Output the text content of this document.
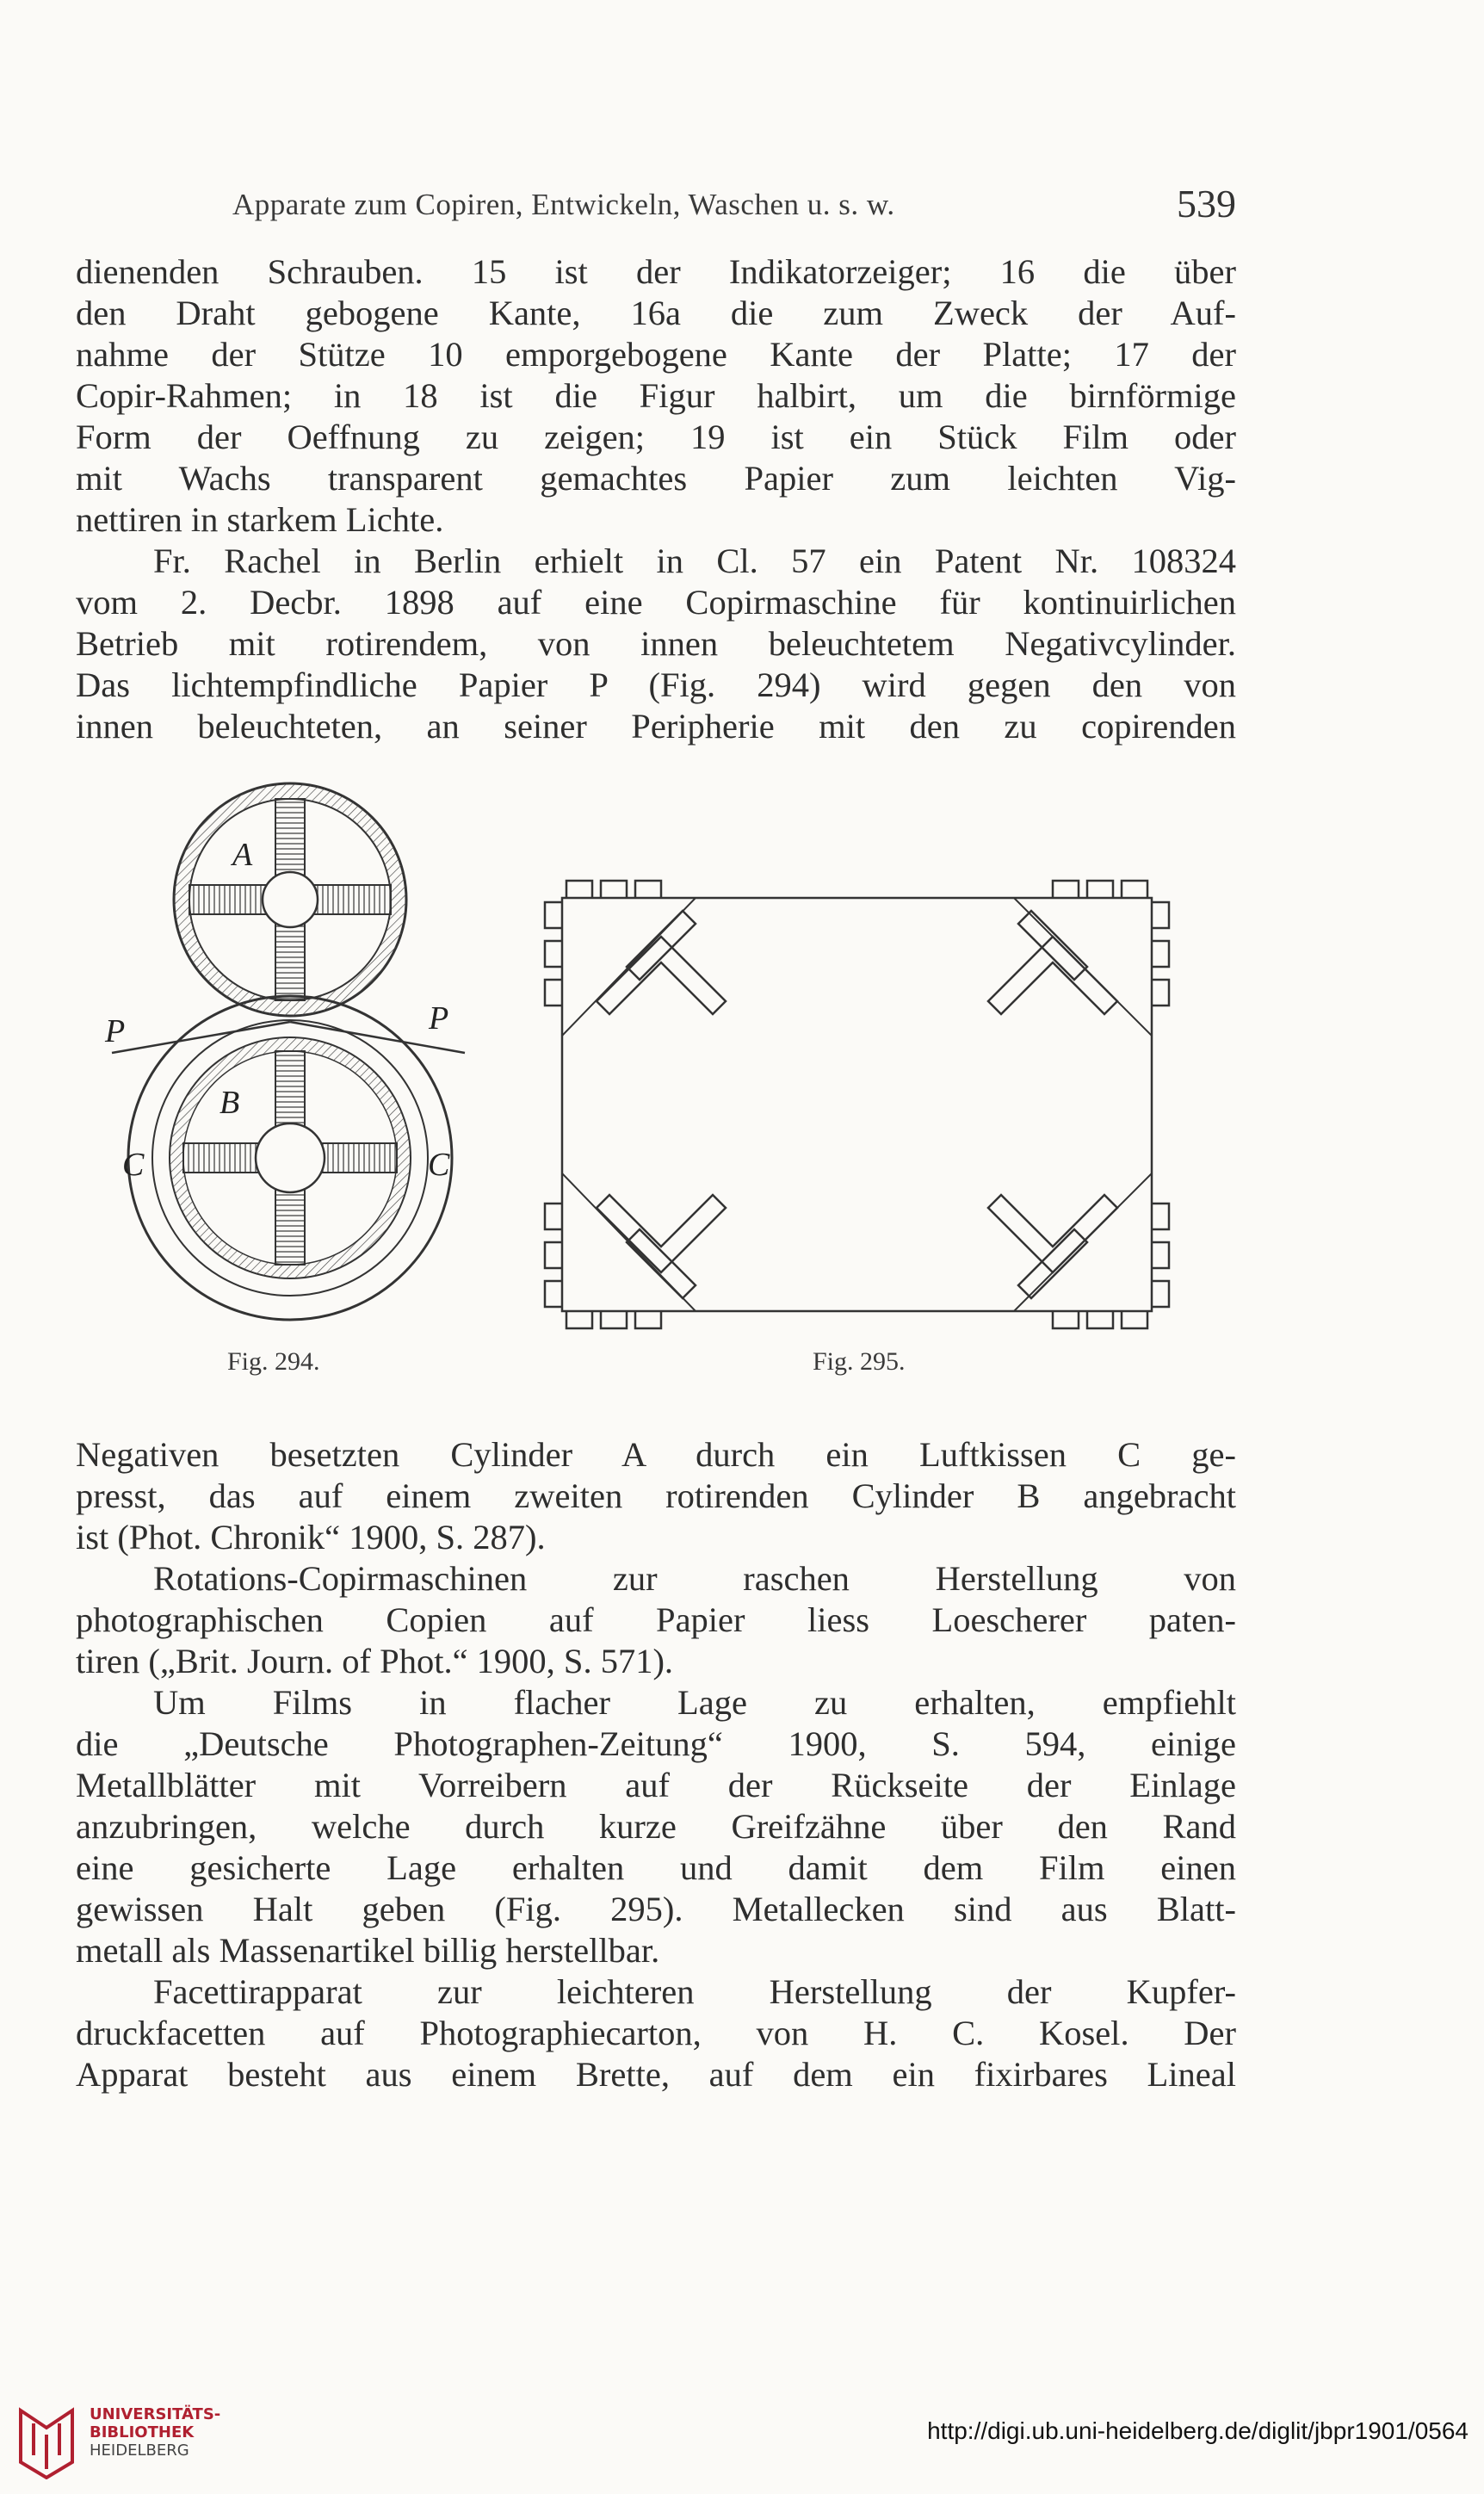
Apparate zum Copiren, Entwickeln, Waschen u. s. w.	539
dienenden Schrauben. 15 ist der Indikatorzeiger; 16 die über
den Draht gebogene Kante, 16a die zum Zweck der Auf-
nahme der Stütze 10 emporgebogene Kante der Platte; 17 der
Copir-Rahmen; in 18 ist die Figur halbirt, um die birnförmige
Form der Oeffnung zu zeigen; 19 ist ein Stück Film oder
mit Wachs transparent gemachtes Papier zum leichten Vig-
nettiren in starkem Lichte.
Fr. Rachel in Berlin erhielt in Cl. 57 ein Patent Nr. 108324
vom 2. Decbr. 1898 auf eine Copirmaschine für kontinuirlichen
Betrieb mit rotirendem, von innen beleuchtetem Negativcylinder.
Das lichtempfindliche Papier P (Fig. 294) wird gegen den von
innen beleuchteten, an seiner Peripherie mit den zu copirenden
A
B
P	P
C	C
Fig. 294.	Fig. 295.
Negativen besetzten Cylinder A durch ein Luftkissen C ge-
presst, das auf einem zweiten rotirenden Cylinder B angebracht
ist (Phot. Chronik“ 1900, S. 287).
Rotations-Copirmaschinen zur raschen Herstellung von
photographischen Copien auf Papier liess Loescherer paten-
tiren („Brit. Journ. of Phot.“ 1900, S. 571).
Um Films in flacher Lage zu erhalten, empfiehlt
die „Deutsche Photographen-Zeitung“ 1900, S. 594, einige
Metallblätter mit Vorreibern auf der Rückseite der Einlage
anzubringen, welche durch kurze Greifzähne über den Rand
eine gesicherte Lage erhalten und damit dem Film einen
gewissen Halt geben (Fig. 295). Metallecken sind aus Blatt-
metall als Massenartikel billig herstellbar.
Facettirapparat zur leichteren Herstellung der Kupfer-
druckfacetten auf Photographiecarton, von H. C. Kosel. Der
Apparat besteht aus einem Brette, auf dem ein fixirbares Lineal
UNIVERSITÄTS-
BIBLIOTHEK
HEIDELBERG
http://digi.ub.uni-heidelberg.de/diglit/jbpr1901/0564
